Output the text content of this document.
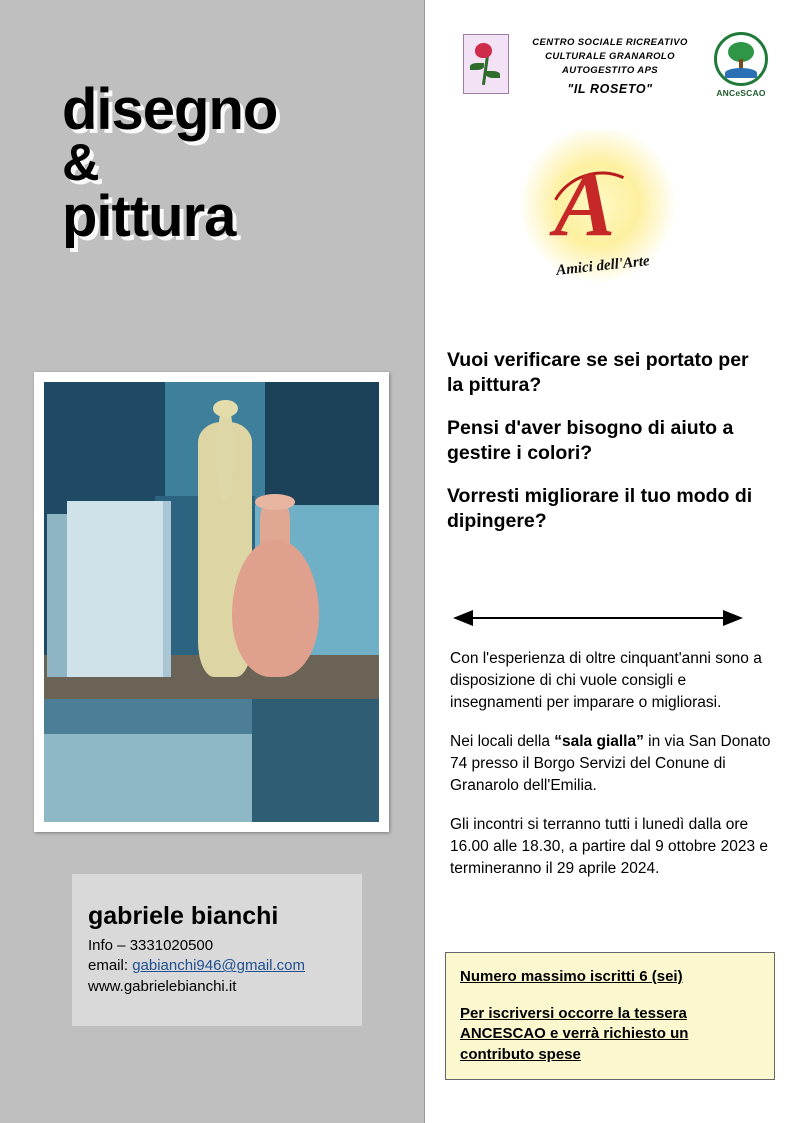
disegno
&
pittura
gabriele bianchi
Info – 3331020500
email: gabianchi946@gmail.com
www.gabrielebianchi.it
CENTRO SOCIALE RICREATIVO
CULTURALE GRANAROLO
AUTOGESTITO APS
"IL ROSETO"	ANCeSCAO
A
Amici dell'Arte

Vuoi verificare se sei portato per la pittura?

Pensi d'aver bisogno di aiuto a gestire i colori?

Vorresti migliorare il tuo modo di dipingere?

Con l'esperienza di oltre cinquant'anni sono a disposizione di chi vuole consigli e insegnamenti per imparare o migliorasi.

Nei locali della “sala gialla” in via San Donato 74 presso il Borgo Servizi del Conune di Granarolo dell'Emilia.

Gli incontri si terranno tutti i lunedì dalla ore 16.00 alle 18.30, a partire dal 9 ottobre 2023 e termineranno il 29 aprile 2024.

Numero massimo iscritti 6 (sei)

Per iscriversi occorre la tessera ANCESCAO e verrà richiesto un contributo spese
